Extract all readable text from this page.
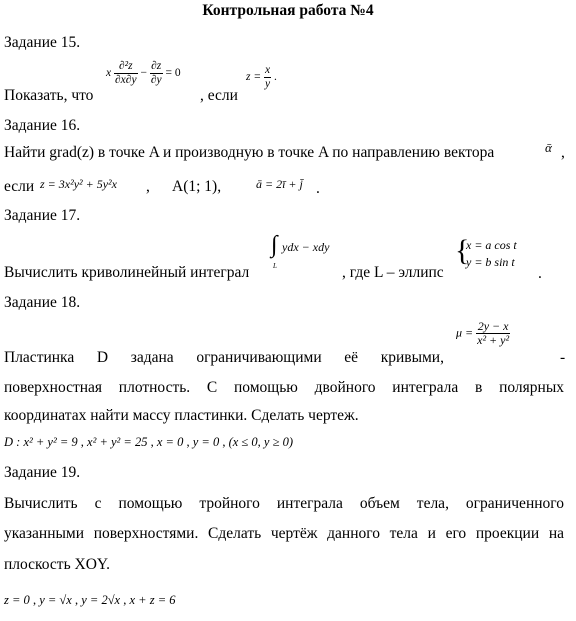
Контрольная работа №4
Задание 15.
Показать, что
x $\frac{\text{∂²z}}{\partial x\partial y} - \frac{\partial z}{\partial y} = 0$
, если
$z = \frac{x}{y}$ .
Задание 16.
Найти grad(z) в точке A и производную в точке A по направлению вектора	ᾱ ,
если z = 3x²y² + 5y²x , A(1; 1),	ā = 2ī + j̄ .
Задание 17.
Вычислить криволинейный интеграл
∫ ydx − xdy
L	, где L – эллипс
{
x = a cos t
y = b sin t
.
Задание 18.
Пластинка D задана ограничивающими её кривыми,
$\mu = \frac{2y - x}{\text{x² + y²}}$
-
поверхностная плотность. С помощью двойного интеграла в полярных
координатах найти массу пластинки. Сделать чертеж.
D : x² + y² = 9 , x² + y² = 25 , x = 0 , y = 0 , (x ≤ 0, y ≥ 0)
Задание 19.
Вычислить с помощью тройного интеграла объем тела, ограниченного
указанными поверхностями. Сделать чертёж данного тела и его проекции на
плоскость XOY.
z = 0 , y = √x , y = 2√x , x + z = 6
